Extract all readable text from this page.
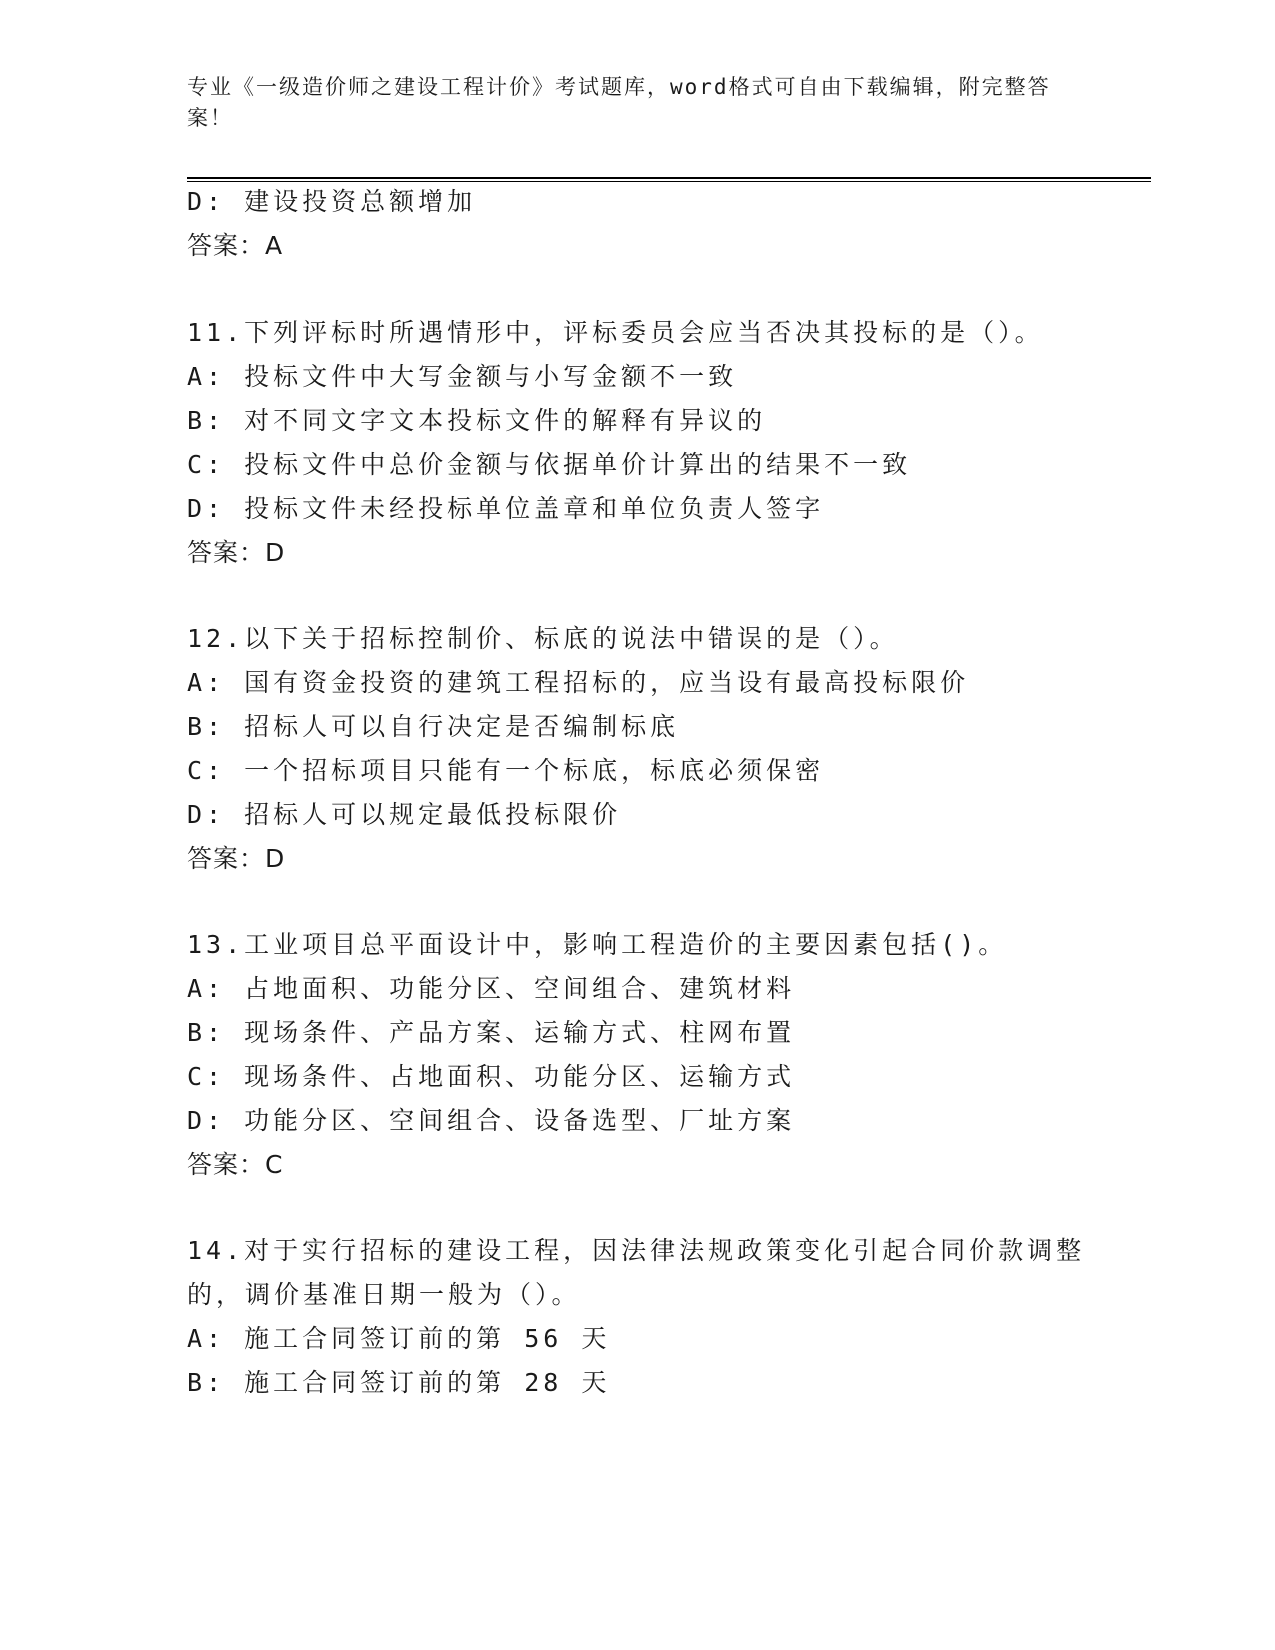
专业《一级造价师之建设工程计价》考试题库，word格式可自由下载编辑，附完整答案！

D: 建设投资总额增加

答案：A

11.下列评标时所遇情形中，评标委员会应当否决其投标的是（）。

A: 投标文件中大写金额与小写金额不一致

B: 对不同文字文本投标文件的解释有异议的

C: 投标文件中总价金额与依据单价计算出的结果不一致

D: 投标文件未经投标单位盖章和单位负责人签字

答案：D

12.以下关于招标控制价、标底的说法中错误的是（）。

A: 国有资金投资的建筑工程招标的，应当设有最高投标限价

B: 招标人可以自行决定是否编制标底

C: 一个招标项目只能有一个标底，标底必须保密

D: 招标人可以规定最低投标限价

答案：D

13.工业项目总平面设计中，影响工程造价的主要因素包括()。

A: 占地面积、功能分区、空间组合、建筑材料

B: 现场条件、产品方案、运输方式、柱网布置

C: 现场条件、占地面积、功能分区、运输方式

D: 功能分区、空间组合、设备选型、厂址方案

答案：C

14.对于实行招标的建设工程，因法律法规政策变化引起合同价款调整

的，调价基准日期一般为（）。

A: 施工合同签订前的第 56 天

B: 施工合同签订前的第 28 天
